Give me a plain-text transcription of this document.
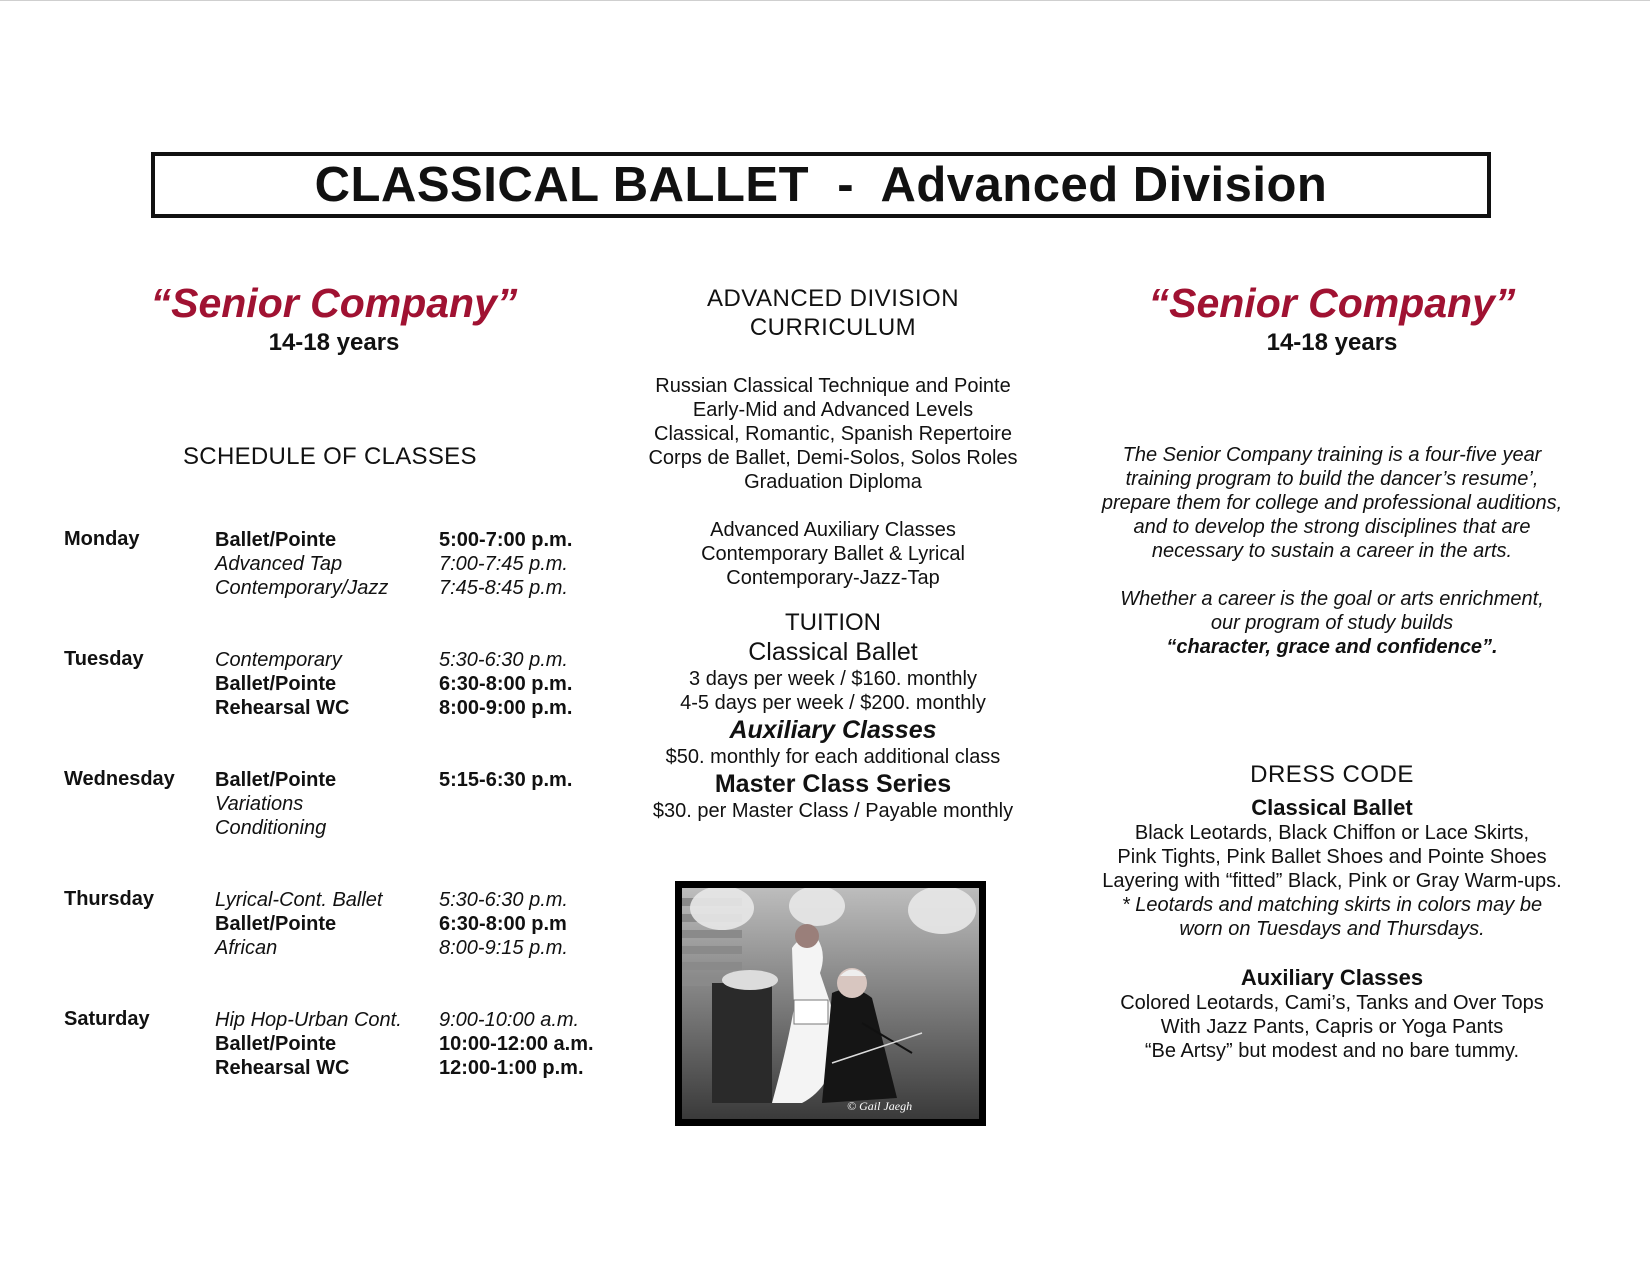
CLASSICAL BALLET  -  Advanced Division
“Senior Company”
14-18 years
SCHEDULE OF CLASSES
Monday	Ballet/Pointe	5:00-7:00 p.m.
Advanced Tap	7:00-7:45 p.m.
Contemporary/Jazz	7:45-8:45 p.m.
Tuesday	Contemporary	5:30-6:30 p.m.
Ballet/Pointe	6:30-8:00 p.m.
Rehearsal WC	8:00-9:00 p.m.
Wednesday Ballet/Pointe	5:15-6:30 p.m.
Variations
Conditioning
Thursday	Lyrical-Cont. Ballet	5:30-6:30 p.m.
Ballet/Pointe	6:30-8:00 p.m
African	8:00-9:15 p.m.
Saturday	Hip Hop-Urban Cont. 9:00-10:00 a.m.
Ballet/Pointe	10:00-12:00 a.m.
Rehearsal WC	12:00-1:00 p.m.
ADVANCED DIVISION
CURRICULUM
Russian Classical Technique and Pointe
Early-Mid and Advanced Levels
Classical, Romantic, Spanish Repertoire
Corps de Ballet, Demi-Solos, Solos Roles
Graduation Diploma
Advanced Auxiliary Classes
Contemporary Ballet & Lyrical
Contemporary-Jazz-Tap
TUITION
Classical Ballet
3 days per week / $160. monthly
4-5 days per week / $200. monthly
Auxiliary Classes
$50. monthly for each additional class
Master Class Series
$30. per Master Class / Payable monthly
© Gail Jaegh
“Senior Company”
14-18 years
The Senior Company training is a four-five year
training program to build the dancer’s resume’,
prepare them for college and professional auditions,
and to develop the strong disciplines that are
necessary to sustain a career in the arts.
Whether a career is the goal or arts enrichment,
our program of study builds
“character, grace and confidence”.
DRESS CODE
Classical Ballet
Black Leotards, Black Chiffon or Lace Skirts,
Pink Tights, Pink Ballet Shoes and Pointe Shoes
Layering with “fitted” Black, Pink or Gray Warm-ups.
* Leotards and matching skirts in colors may be
worn on Tuesdays and Thursdays.
Auxiliary Classes
Colored Leotards, Cami’s, Tanks and Over Tops
With Jazz Pants, Capris or Yoga Pants
“Be Artsy” but modest and no bare tummy.
